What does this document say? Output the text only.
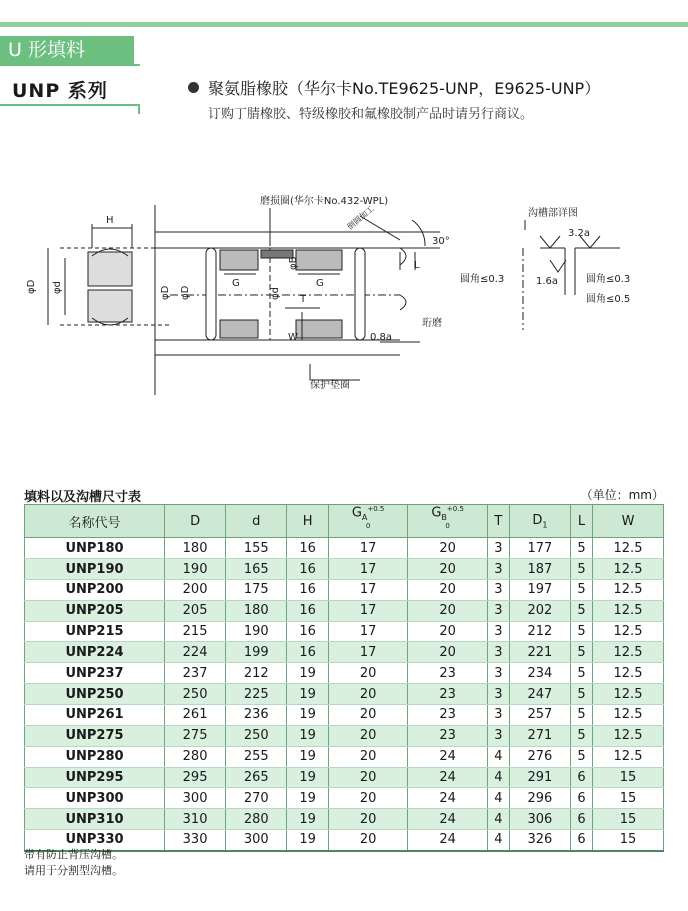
U 形填料
UNP 系列	聚氨脂橡胶（华尔卡No.TE9625-UNP，E9625-UNP）
订购丁腈橡胶、特级橡胶和氟橡胶制产品时请另行商议。
H
φD φd	φD φD	φd
φB
G	G
T
W
L
磨损圈(华尔卡No.432-WPL)
倒圆加工
30°
0.8a
珩磨
保护垫圈
沟槽部详图
3.2a
1.6a
圆角≤0.3	圆角≤0.3
圆角≤0.5
填料以及沟槽尺寸表	（单位：mm）
名称代号	D	d	H	$G_A^{+0.5 0}$	$G_B^{+0.5 0}$	T	$D_1$	L	W
UNP180	180	155	16	17	20	3	177	5	12.5
UNP190	190	165	16	17	20	3	187	5	12.5
UNP200	200	175	16	17	20	3	197	5	12.5
UNP205	205	180	16	17	20	3	202	5	12.5
UNP215	215	190	16	17	20	3	212	5	12.5
UNP224	224	199	16	17	20	3	221	5	12.5
UNP237	237	212	19	20	23	3	234	5	12.5
UNP250	250	225	19	20	23	3	247	5	12.5
UNP261	261	236	19	20	23	3	257	5	12.5
UNP275	275	250	19	20	23	3	271	5	12.5
UNP280	280	255	19	20	24	4	276	5	12.5
UNP295	295	265	19	20	24	4	291	6	15
UNP300	300	270	19	20	24	4	296	6	15
UNP310	310	280	19	20	24	4	306	6	15
UNP330	330	300	19	20	24	4	326	6	15
带有防止背压沟槽。
请用于分割型沟槽。
